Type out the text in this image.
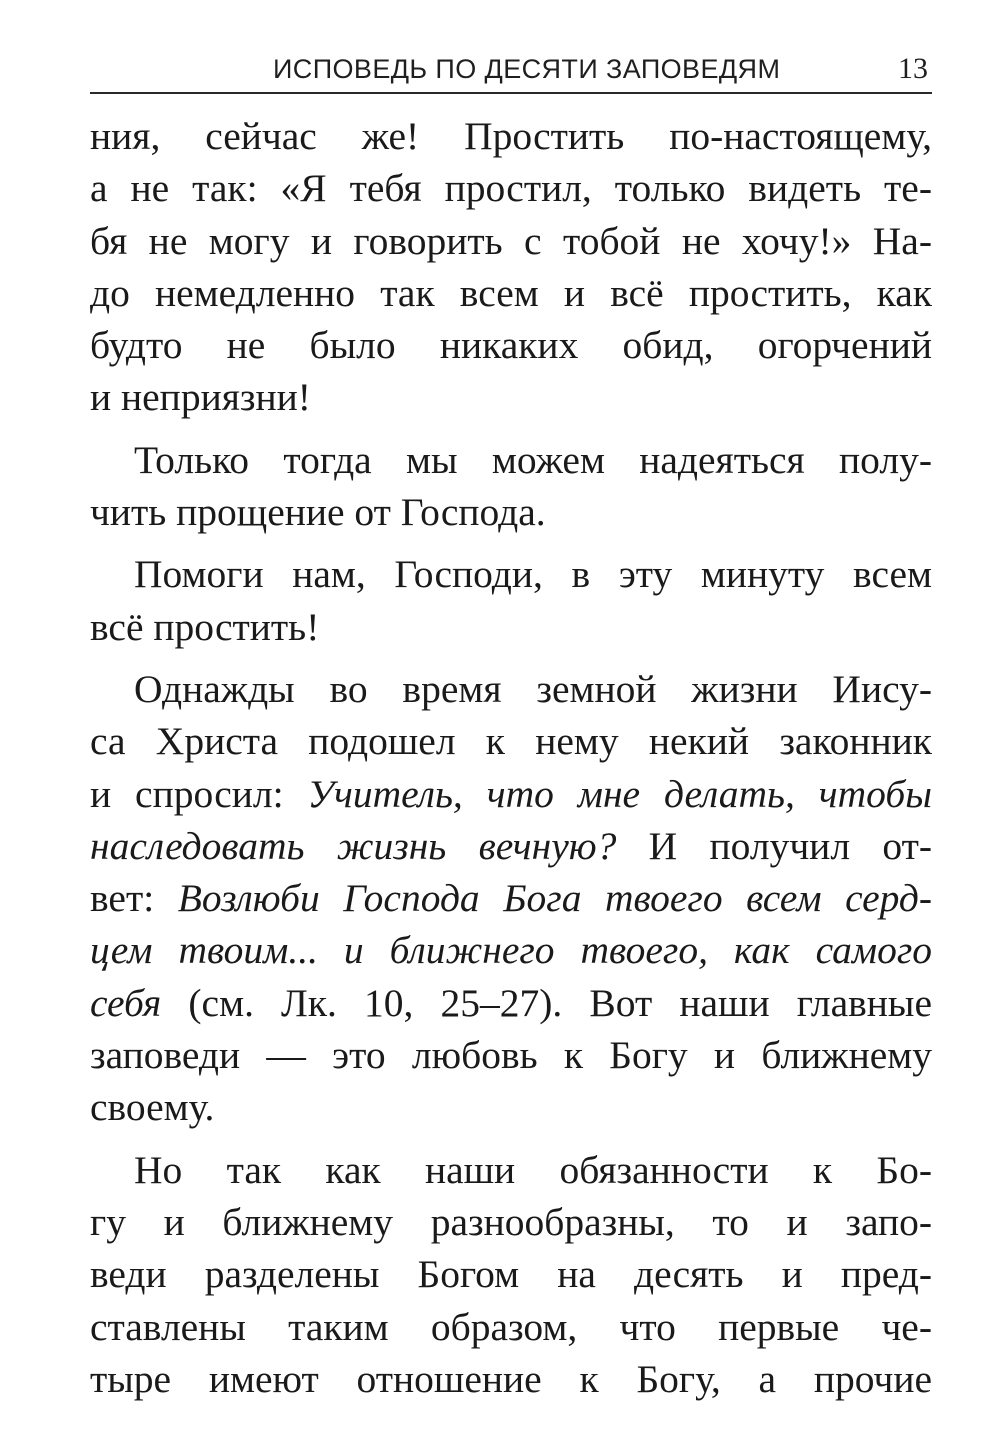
ИСПОВЕДЬ ПО ДЕСЯТИ ЗАПОВЕДЯМ	13
ния, сейчас же! Простить по-настоящему,
а не так: «Я тебя простил, только видеть те-
бя не могу и говорить с тобой не хочу!» На-
до немедленно так всем и всё простить, как
будто не было никаких обид, огорчений
и неприязни!
Только тогда мы можем надеяться полу-
чить прощение от Господа.
Помоги нам, Господи, в эту минуту всем
всё простить!
Однажды во время земной жизни Иису-
са Христа подошел к нему некий законник
и спросил: Учитель, что мне делать, чтобы
наследовать жизнь вечную? И получил от-
вет: Возлюби Господа Бога твоего всем серд-
цем твоим... и ближнего твоего, как самого
себя (см. Лк. 10, 25–27). Вот наши главные
заповеди — это любовь к Богу и ближнему
своему.
Но так как наши обязанности к Бо-
гу и ближнему разнообразны, то и запо-
веди разделены Богом на десять и пред-
ставлены таким образом, что первые че-
тыре имеют отношение к Богу, а прочие
